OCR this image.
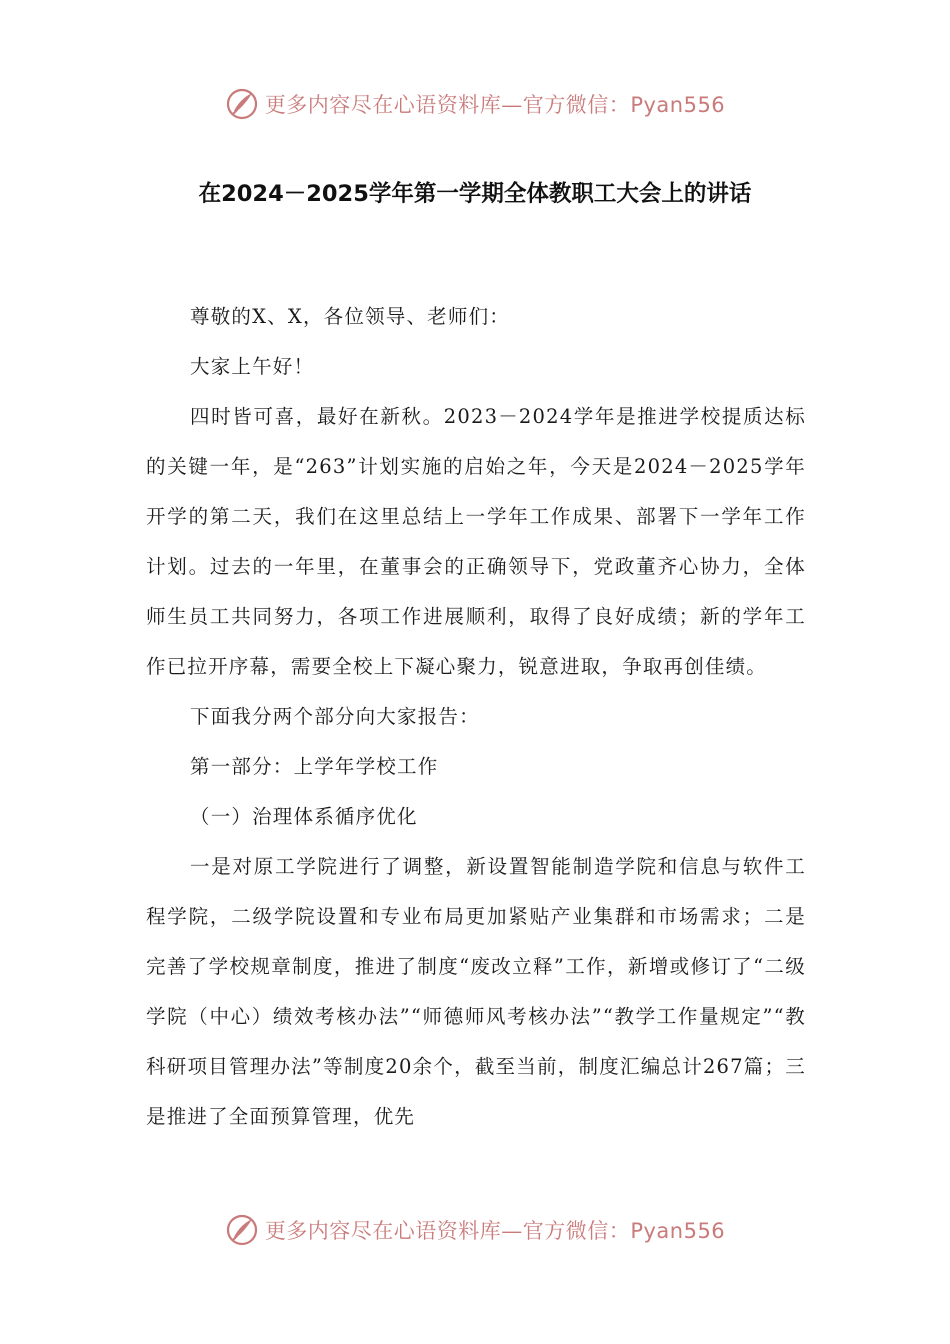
更多内容尽在心语资料库—官方微信：Pyan556
在2024－2025学年第一学期全体教职工大会上的讲话

尊敬的X、X，各位领导、老师们：

大家上午好！

四时皆可喜，最好在新秋。2023－2024学年是推进学校提质达标的关键一年，是“263”计划实施的启始之年，今天是2024－2025学年开学的第二天，我们在这里总结上一学年工作成果、部署下一学年工作计划。过去的一年里，在董事会的正确领导下，党政董齐心协力，全体师生员工共同努力，各项工作进展顺利，取得了良好成绩；新的学年工作已拉开序幕，需要全校上下凝心聚力，锐意进取，争取再创佳绩。

下面我分两个部分向大家报告：

第一部分：上学年学校工作

（一）治理体系循序优化

一是对原工学院进行了调整，新设置智能制造学院和信息与软件工程学院，二级学院设置和专业布局更加紧贴产业集群和市场需求；二是完善了学校规章制度，推进了制度“废改立释”工作，新增或修订了“二级学院（中心）绩效考核办法”“师德师风考核办法”“教学工作量规定”“教科研项目管理办法”等制度20余个，截至当前，制度汇编总计267篇；三是推进了全面预算管理，优先

更多内容尽在心语资料库—官方微信：Pyan556
